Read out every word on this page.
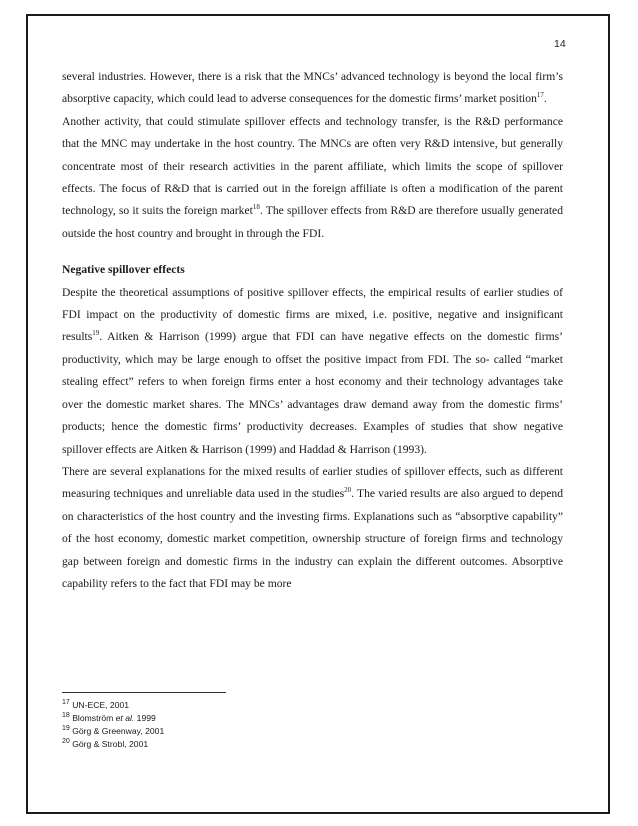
14

several industries. However, there is a risk that the MNCs’ advanced technology is beyond the local firm’s absorptive capacity, which could lead to adverse consequences for the domestic firms’ market position$^{17}$.

Another activity, that could stimulate spillover effects and technology transfer, is the R&D performance that the MNC may undertake in the host country. The MNCs are often very R&D intensive, but generally concentrate most of their research activities in the parent affiliate, which limits the scope of spillover effects. The focus of R&D that is carried out in the foreign affiliate is often a modification of the parent technology, so it suits the foreign market$^{18}$. The spillover effects from R&D are therefore usually generated outside the host country and brought in through the FDI.

Negative spillover effects

Despite the theoretical assumptions of positive spillover effects, the empirical results of earlier studies of FDI impact on the productivity of domestic firms are mixed, i.e. positive, negative and insignificant results$^{19}$. Aitken & Harrison (1999) argue that FDI can have negative effects on the domestic firms’ productivity, which may be large enough to offset the positive impact from FDI. The so- called “market stealing effect” refers to when foreign firms enter a host economy and their technology advantages take over the domestic market shares. The MNCs’ advantages draw demand away from the domestic firms’ products; hence the domestic firms’ productivity decreases. Examples of studies that show negative spillover effects are Aitken & Harrison (1999) and Haddad & Harrison (1993).

There are several explanations for the mixed results of earlier studies of spillover effects, such as different measuring techniques and unreliable data used in the studies$^{20}$. The varied results are also argued to depend on characteristics of the host country and the investing firms. Explanations such as “absorptive capability” of the host economy, domestic market competition, ownership structure of foreign firms and technology gap between foreign and domestic firms in the industry can explain the different outcomes. Absorptive capability refers to the fact that FDI may be more

$^{17}$ UN-ECE, 2001

$^{18}$ Blomström et al. 1999

$^{19}$ Görg & Greenway, 2001

$^{20}$ Görg & Strobl, 2001
